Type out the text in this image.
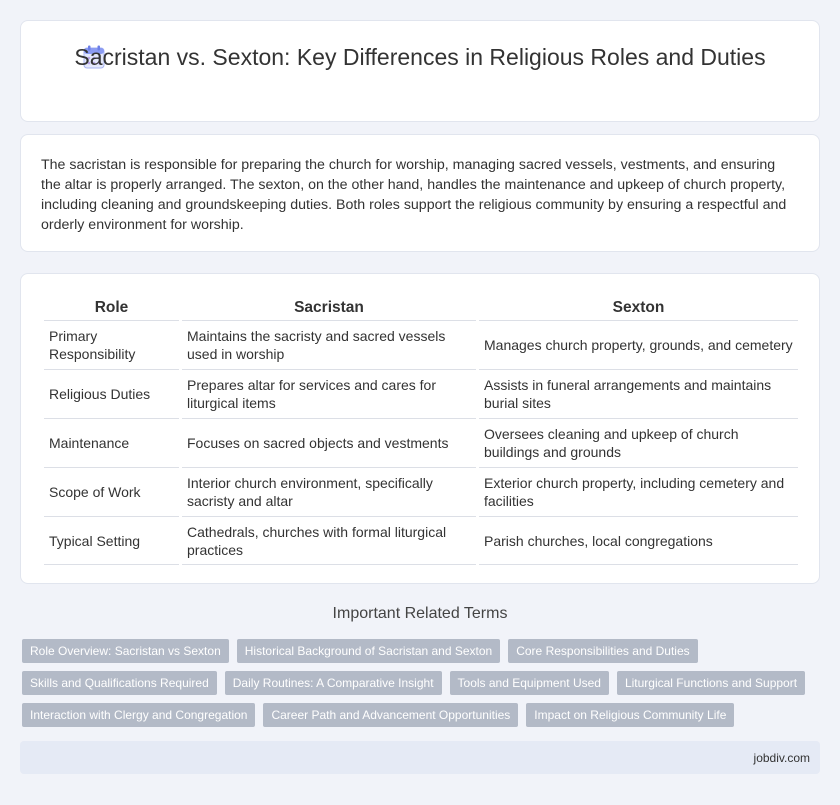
Sacristan vs. Sexton: Key Differences in Religious Roles and Duties

The sacristan is responsible for preparing the church for worship, managing sacred vessels, vestments, and ensuring the altar is properly arranged. The sexton, on the other hand, handles the maintenance and upkeep of church property, including cleaning and groundskeeping duties. Both roles support the religious community by ensuring a respectful and orderly environment for worship.

Role	Sacristan	Sexton
Primary Responsibility	Maintains the sacristy and sacred vessels used in worship	Manages church property, grounds, and cemetery
Religious Duties	Prepares altar for services and cares for liturgical items	Assists in funeral arrangements and maintains burial sites
Maintenance	Focuses on sacred objects and vestments	Oversees cleaning and upkeep of church buildings and grounds
Scope of Work	Interior church environment, specifically sacristy and altar	Exterior church property, including cemetery and facilities
Typical Setting	Cathedrals, churches with formal liturgical practices	Parish churches, local congregations
Important Related Terms
Role Overview: Sacristan vs Sexton	Historical Background of Sacristan and Sexton	Core Responsibilities and Duties
Skills and Qualifications Required	Daily Routines: A Comparative Insight	Tools and Equipment Used	Liturgical Functions and Support
Interaction with Clergy and Congregation	Career Path and Advancement Opportunities	Impact on Religious Community Life
jobdiv.com
